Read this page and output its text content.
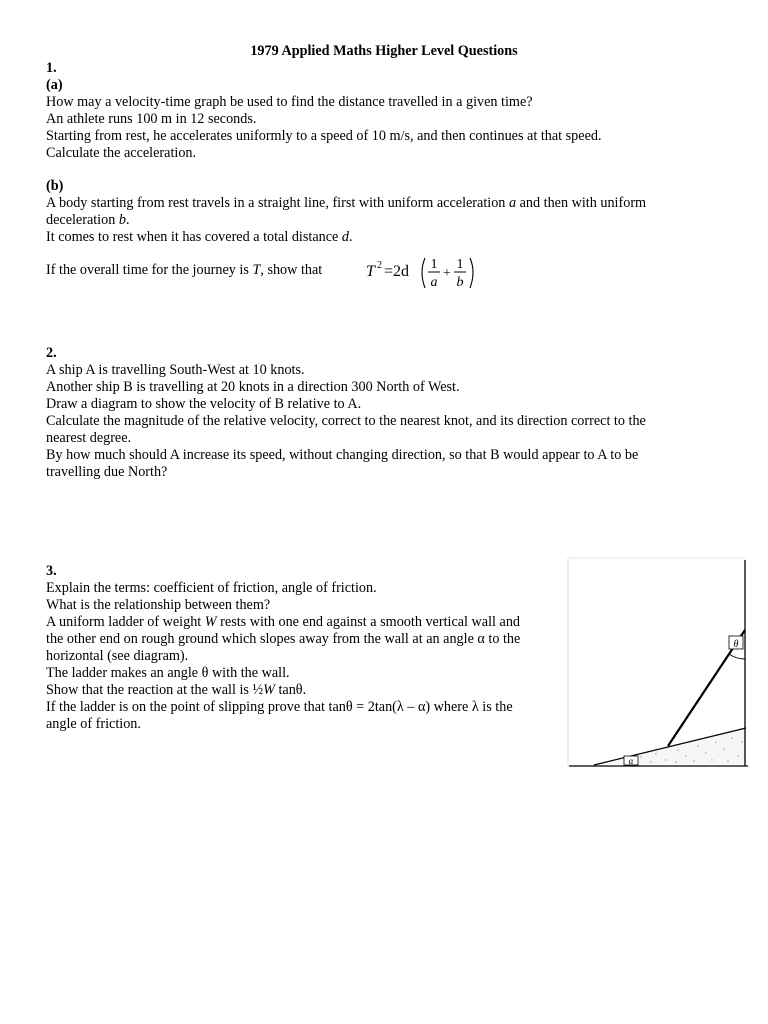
1979 Applied Maths Higher Level Questions
1.
(a)
How may a velocity-time graph be used to find the distance travelled in a given time?
An athlete runs 100 m in 12 seconds.
Starting from rest, he accelerates uniformly to a speed of 10 m/s, and then continues at that speed.
Calculate the acceleration.
(b)
A body starting from rest travels in a straight line, first with uniform acceleration a and then with uniform
deceleration b.
It comes to rest when it has covered a total distance d.
If the overall time for the journey is T, show that	T 2 =2d 1
a
+
1
b
2.
A ship A is travelling South-West at 10 knots.
Another ship B is travelling at 20 knots in a direction 300 North of West.
Draw a diagram to show the velocity of B relative to A.
Calculate the magnitude of the relative velocity, correct to the nearest knot, and its direction correct to the
nearest degree.
By how much should A increase its speed, without changing direction, so that B would appear to A to be
travelling due North?
3.
Explain the terms: coefficient of friction, angle of friction.
What is the relationship between them?
A uniform ladder of weight W rests with one end against a smooth vertical wall and
the other end on rough ground which slopes away from the wall at an angle α to the
horizontal (see diagram).
The ladder makes an angle θ with the wall.
Show that the reaction at the wall is ½W tanθ.
If the ladder is on the point of slipping prove that tanθ = 2tan(λ – α) where λ is the
angle of friction.
θ
α
